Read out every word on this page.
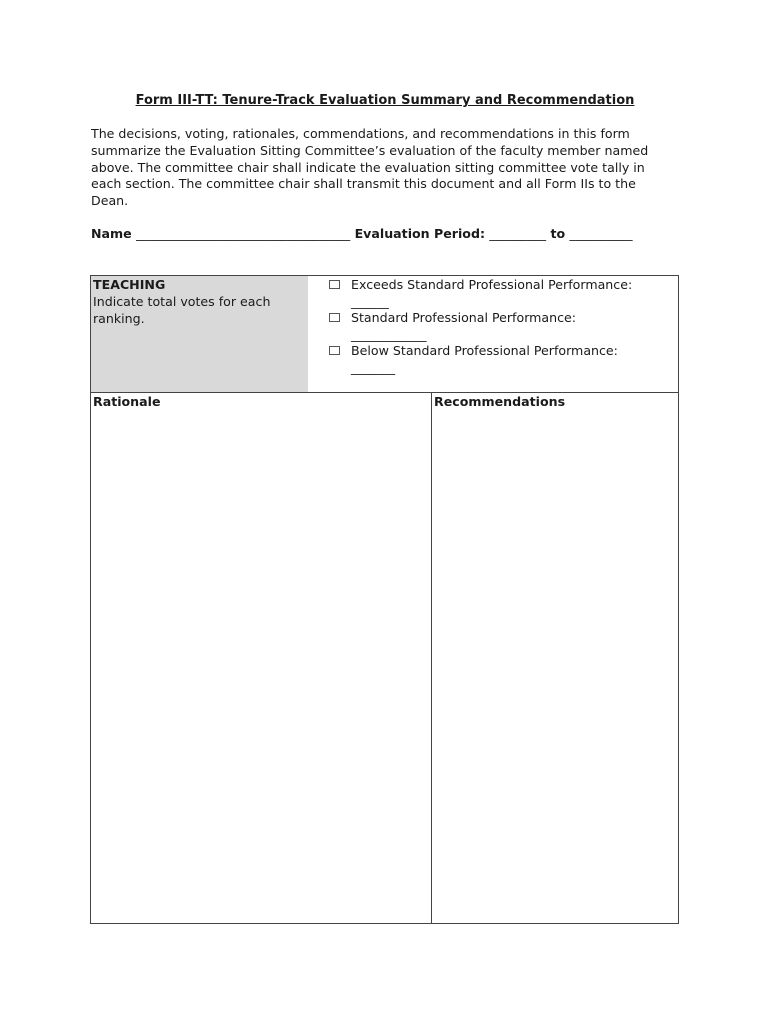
Form III-TT: Tenure-Track Evaluation Summary and Recommendation
The decisions, voting, rationales, commendations, and recommendations in this form summarize the Evaluation Sitting Committee’s evaluation of the faculty member named above. The committee chair shall indicate the evaluation sitting committee vote tally in each section. The committee chair shall transmit this document and all Form IIs to the Dean.
Name __________________________________ Evaluation Period: _________ to __________
TEACHING
Indicate total votes for each ranking.
Exceeds Standard Professional Performance:
______
Standard Professional Performance:
____________
Below Standard Professional Performance:
_______
Rationale	Recommendations
